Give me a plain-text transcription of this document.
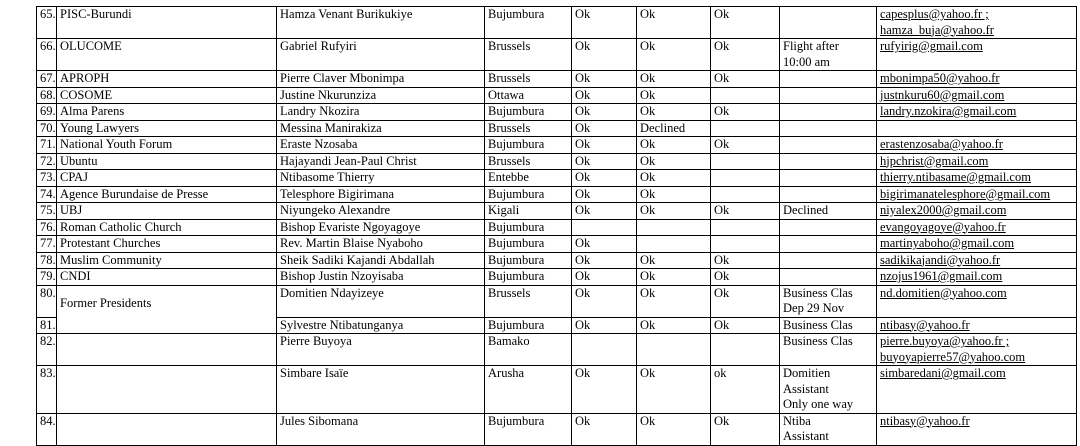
65.	PISC-Burundi	Hamza Venant Burikukiye	Bujumbura	Ok	Ok	Ok		capesplus@yahoo.fr ;
hamza_buja@yahoo.fr

66.	OLUCOME	Gabriel Rufyiri	Brussels	Ok	Ok	Ok	Flight after
10:00 am	rufyirig@gmail.com
67.	APROPH	Pierre Claver Mbonimpa	Brussels	Ok	Ok	Ok		mbonimpa50@yahoo.fr
68.	COSOME	Justine Nkurunziza	Ottawa	Ok	Ok			justnkuru60@gmail.com
69.	Alma Parens	Landry Nkozira	Bujumbura	Ok	Ok	Ok		landry.nzokira@gmail.com
70.	Young Lawyers	Messina Manirakiza	Brussels	Ok	Declined			
71.	National Youth Forum	Eraste Nzosaba	Bujumbura	Ok	Ok	Ok		erastenzosaba@yahoo.fr
72.	Ubuntu	Hajayandi Jean-Paul Christ	Brussels	Ok	Ok			hjpchrist@gmail.com
73.	CPAJ	Ntibasome Thierry	Entebbe	Ok	Ok			thierry.ntibasame@gmail.com
74.	Agence Burundaise de Presse	Telesphore Bigirimana	Bujumbura	Ok	Ok			bigirimanatelesphore@gmail.com
75.	UBJ	Niyungeko Alexandre	Kigali	Ok	Ok	Ok	Declined	niyalex2000@gmail.com
76.	Roman Catholic Church	Bishop Evariste Ngoyagoye	Bujumbura					evangoyagoye@yahoo.fr
77.	Protestant Churches	Rev. Martin Blaise Nyaboho	Bujumbura	Ok				martinyaboho@gmail.com
78.	Muslim Community	Sheik Sadiki Kajandi Abdallah	Bujumbura	Ok	Ok	Ok		sadikikajandi@yahoo.fr
79.	CNDI	Bishop Justin Nzoyisaba	Bujumbura	Ok	Ok	Ok		nzojus1961@gmail.com
80.	Former Presidents	Domitien Ndayizeye	Brussels	Ok	Ok	Ok	Business Clas
Dep 29 Nov	nd.domitien@yahoo.com
81.		Sylvestre Ntibatunganya	Bujumbura	Ok	Ok	Ok	Business Clas	ntibasy@yahoo.fr
82.		Pierre Buyoya	Bamako				Business Clas	pierre.buyoya@yahoo.fr ;
buyoyapierre57@yahoo.com

83.		Simbare Isaïe	Arusha	Ok	Ok	ok	Domitien
Assistant
Only one way	simbaredani@gmail.com
84.		Jules Sibomana	Bujumbura	Ok	Ok	Ok	Ntiba
Assistant	ntibasy@yahoo.fr
